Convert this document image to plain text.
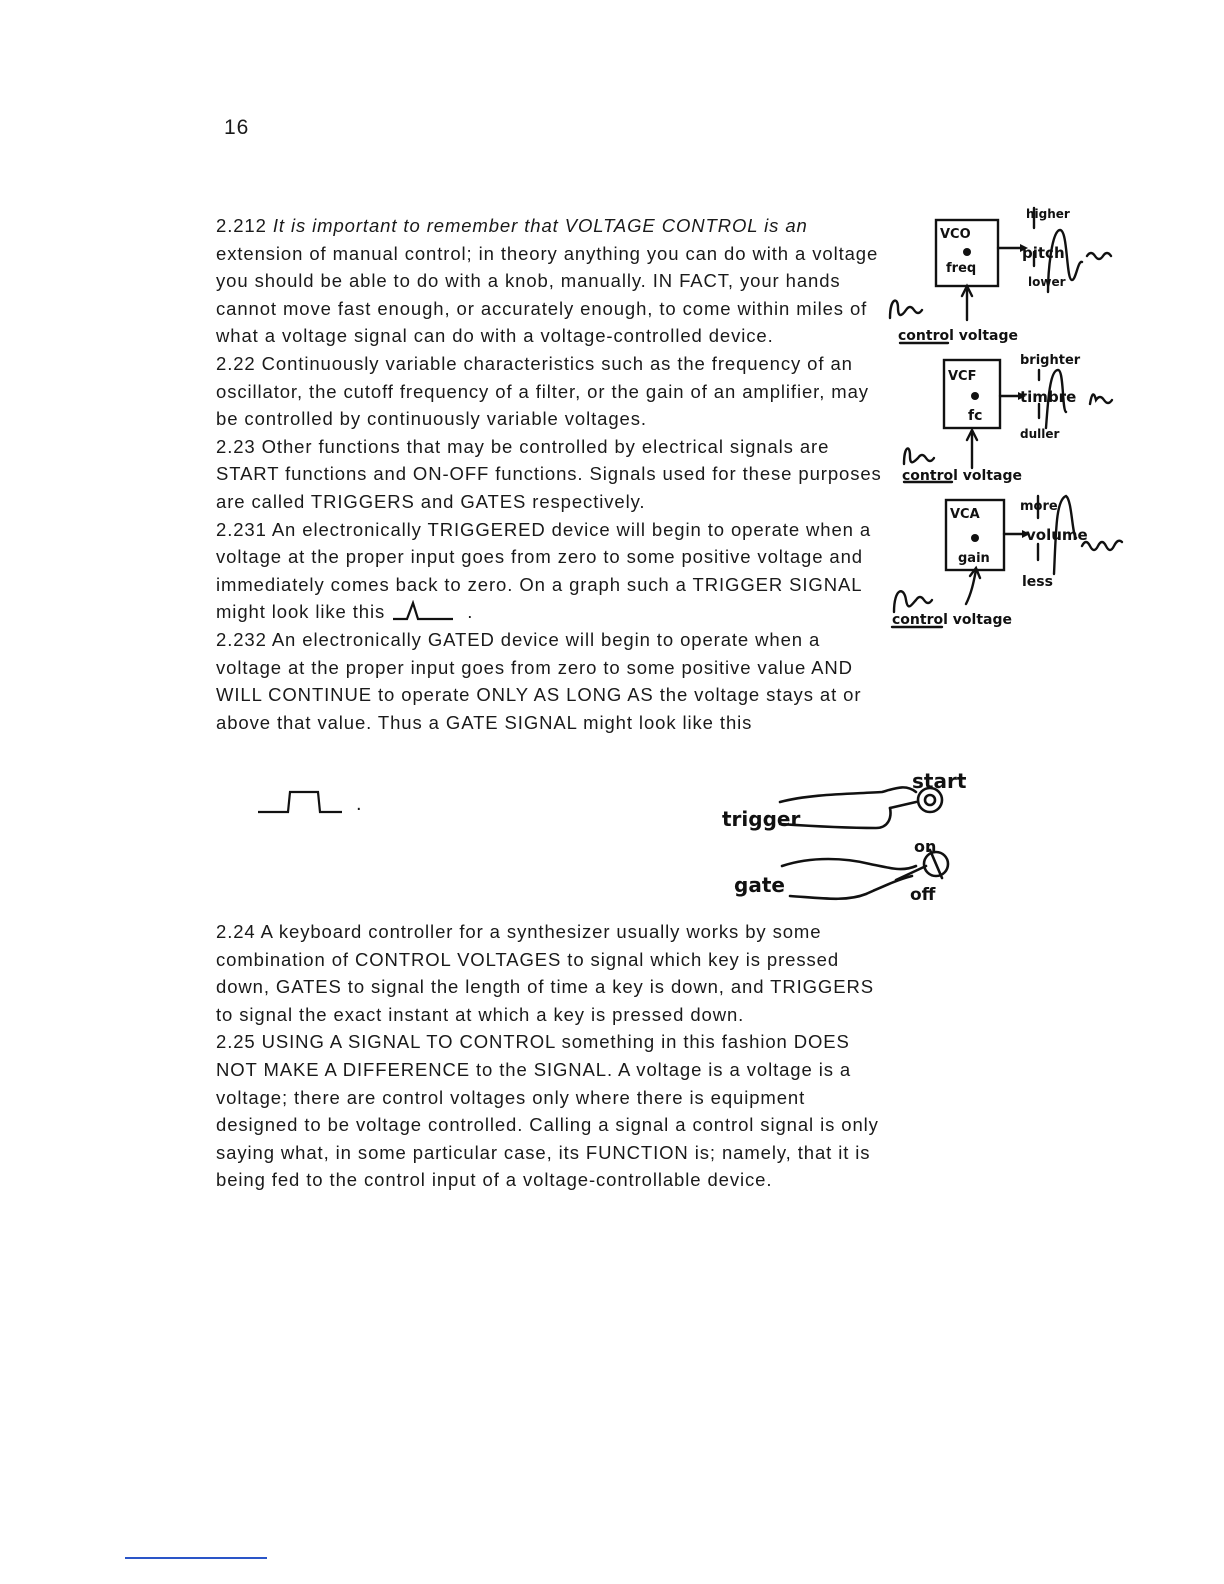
16

2.212 It is important to remember that VOLTAGE CONTROL is an extension of manual control; in theory anything you can do with a voltage you should be able to do with a knob, manually. IN FACT, your hands cannot move fast enough, or accurately enough, to come within miles of what a voltage signal can do with a voltage-controlled device.

2.22 Continuously variable characteristics such as the frequency of an oscillator, the cutoff frequency of a filter, or the gain of an amplifier, may be controlled by continuously variable voltages.

2.23 Other functions that may be controlled by electrical signals are START functions and ON-OFF functions. Signals used for these purposes are called TRIGGERS and GATES respectively.

2.231 An electronically TRIGGERED device will begin to operate when a voltage at the proper input goes from zero to some positive voltage and immediately comes back to zero. On a graph such a TRIGGER SIGNAL might look like this	.

2.232 An electronically GATED device will begin to operate when a voltage at the proper input goes from zero to some positive value AND WILL CONTINUE to operate ONLY AS LONG AS the voltage stays at or above that value. Thus a GATE SIGNAL might look like this

.
VCO
freq
pitch
higher
lower
control voltage
VCF
fc
timbre
brighter
duller
control voltage
VCA
gain
volume
more
less
control voltage
start
trigger
on
gate	off

2.24 A keyboard controller for a synthesizer usually works by some combination of CONTROL VOLTAGES to signal which key is pressed down, GATES to signal the length of time a key is down, and TRIGGERS to signal the exact instant at which a key is pressed down.

2.25 USING A SIGNAL TO CONTROL something in this fashion DOES NOT MAKE A DIFFERENCE to the SIGNAL. A voltage is a voltage is a voltage; there are control voltages only where there is equipment designed to be voltage controlled. Calling a signal a control signal is only saying what, in some particular case, its FUNCTION is; namely, that it is being fed to the control input of a voltage-controllable device.
